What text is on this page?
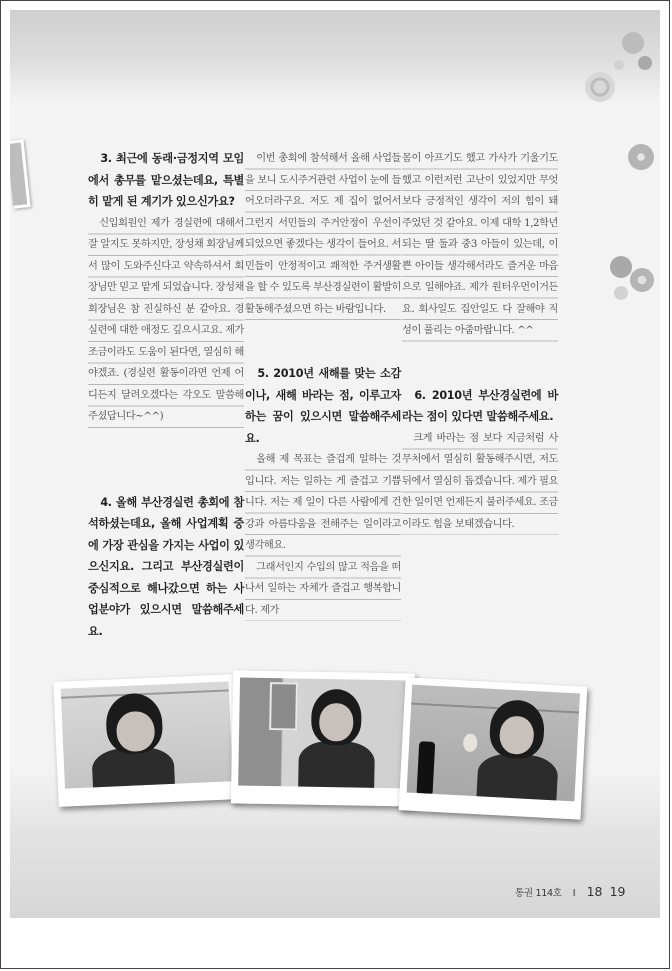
3. 최근에 동래·금정지역 모임에서 총무를 맡으셨는데요, 특별히 맡게 된 계기가 있으신가요?

신입회원인 제가 경실련에 대해서 잘 알지도 못하지만, 장성채 회장님께서 많이 도와주신다고 약속하셔서 회장님만 믿고 맡게 되었습니다. 장성채 회장님은 참 진실하신 분 같아요. 경실련에 대한 애정도 깊으시고요. 제가 조금이라도 도움이 된다면, 열심히 해야겠죠. (경실련 활동이라면 언제 어디든지 달려오겠다는 각오도 말씀해주셨답니다~^^)

4. 올해 부산경실련 총회에 참석하셨는데요, 올해 사업계획 중에 가장 관심을 가지는 사업이 있으신지요. 그리고 부산경실련이 중심적으로 해나갔으면 하는 사업분야가 있으시면 말씀해주세요.

이번 총회에 참석해서 올해 사업들을 보니 도시주거관련 사업이 눈에 들어오더라구요. 저도 제 집이 없어서 그런지 서민들의 주거안정이 우선이 되었으면 좋겠다는 생각이 들어요. 서민들이 안정적이고 쾌적한 주거생활을 할 수 있도록 부산경실련이 활발히 활동해주셨으면 하는 바람입니다.

5. 2010년 새해를 맞는 소감이나, 새해 바라는 점, 이루고자 하는 꿈이 있으시면 말씀해주세요.

올해 제 목표는 즐겁게 일하는 것입니다. 저는 일하는 게 즐겁고 기쁩니다. 저는 제 일이 다른 사람에게 건강과 아름다움을 전해주는 일이라고 생각해요.

그래서인지 수입의 많고 적음을 떠나서 일하는 자체가 즐겁고 행복합니다. 제가

몸이 아프기도 했고 가사가 기울기도 했고 이런저런 고난이 있었지만 무엇보다 긍정적인 생각이 저의 힘이 돼 주었던 것 같아요. 이제 대학 1,2학년 되는 딸 둘과 중3 아들이 있는데, 이쁜 아이들 생각해서라도 즐거운 마음으로 일해야죠. 제가 원터우먼이거든요. 회사일도 집안일도 다 잘해야 직성이 풀리는 아줌마랍니다. ^^

6. 2010년 부산경실련에 바라는 점이 있다면 말씀해주세요.

크게 바라는 점 보다 지금처럼 사무처에서 열심히 활동해주시면, 저도 뒤에서 열심히 돕겠습니다. 제가 필요한 일이면 언제든지 불러주세요. 조금이라도 힘을 보태겠습니다.

통권 114호 I 18 19
